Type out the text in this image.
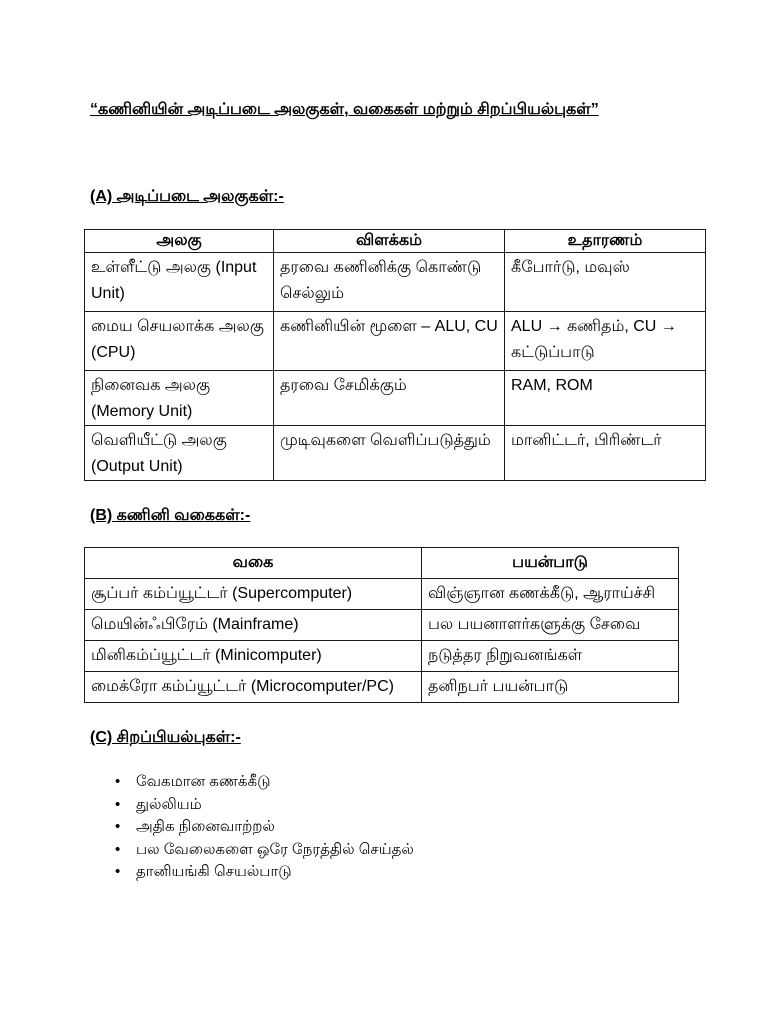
“கணினியின் அடிப்படை அலகுகள், வகைகள் மற்றும் சிறப்பியல்புகள்”
(A) அடிப்படை அலகுகள்:-
அலகு	விளக்கம்	உதாரணம்
உள்ளீட்டு அலகு (Input Unit)	தரவை கணினிக்கு கொண்டு செல்லும்	கீபோர்டு, மவுஸ்
மைய செயலாக்க அலகு (CPU)	கணினியின் மூளை – ALU, CU	ALU → கணிதம், CU → கட்டுப்பாடு
நினைவக அலகு (Memory Unit)	தரவை சேமிக்கும்	RAM, ROM
வெளியீட்டு அலகு (Output Unit)	முடிவுகளை வெளிப்படுத்தும்	மானிட்டர், பிரிண்டர்
(B) கணினி வகைகள்:-
வகை	பயன்பாடு
சூப்பர் கம்ப்யூட்டர் (Supercomputer)	விஞ்ஞான கணக்கீடு, ஆராய்ச்சி
மெயின்ஃபிரேம் (Mainframe)	பல பயனாளர்களுக்கு சேவை
மினிகம்ப்யூட்டர் (Minicomputer)	நடுத்தர நிறுவனங்கள்
மைக்ரோ கம்ப்யூட்டர் (Microcomputer/PC)	தனிநபர் பயன்பாடு
(C) சிறப்பியல்புகள்:-
•
வேகமான கணக்கீடு
•
துல்லியம்
•
அதிக நினைவாற்றல்
•
பல வேலைகளை ஒரே நேரத்தில் செய்தல்
•
தானியங்கி செயல்பாடு
